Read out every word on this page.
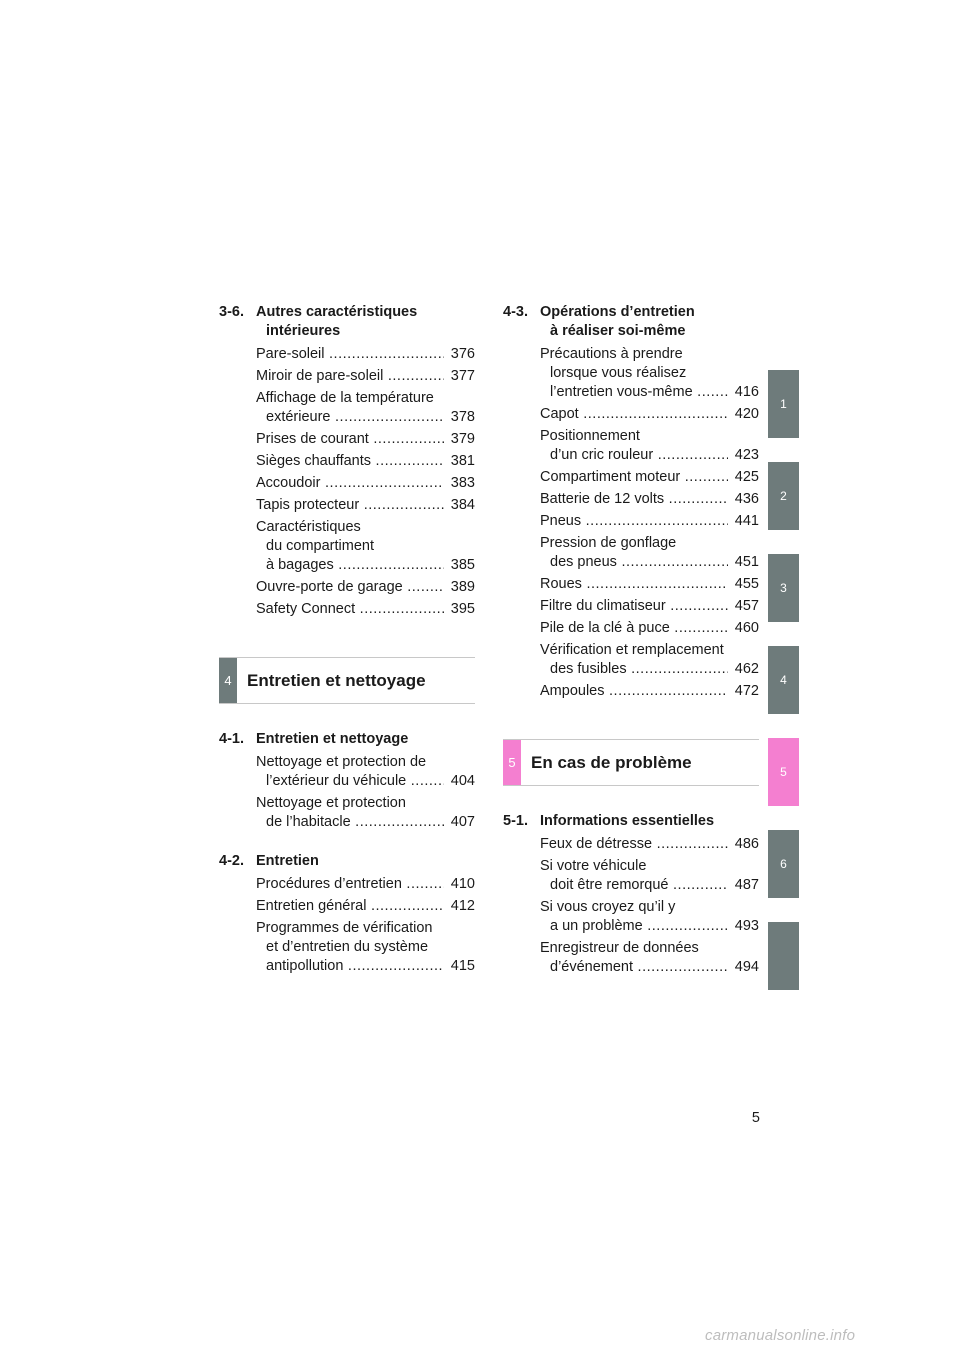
3-6. Autres caractéristiques
intérieures
Pare-soleil .....	376
Miroir de pare-soleil .....	377
Affichage de la température
extérieure .....	378
Prises de courant .....	379
Sièges chauffants .....	381
Accoudoir .....	383
Tapis protecteur .....	384
Caractéristiques
du compartiment
à bagages .....	385
Ouvre-porte de garage .....	389
Safety Connect .....	395
4 Entretien et nettoyage
4-1. Entretien et nettoyage
Nettoyage et protection de
l’extérieur du véhicule .....	404
Nettoyage et protection
de l’habitacle .....	407
4-2. Entretien
Procédures d’entretien .....	410
Entretien général .....	412
Programmes de vérification
et d’entretien du système
antipollution .....	415
4-3. Opérations d’entretien
à réaliser soi-même
Précautions à prendre
lorsque vous réalisez
l’entretien vous-même .....	416
Capot .....	420
Positionnement
d’un cric rouleur .....	423
Compartiment moteur .....	425
Batterie de 12 volts .....	436
Pneus .....	441
Pression de gonflage
des pneus .....	451
Roues .....	455
Filtre du climatiseur .....	457
Pile de la clé à puce .....	460
Vérification et remplacement
des fusibles .....	462
Ampoules .....	472
5 En cas de problème
5-1. Informations essentielles
Feux de détresse .....	486
Si votre véhicule
doit être remorqué .....	487
Si vous croyez qu’il y
a un problème .....	493
Enregistreur de données
d’événement .....	494
1
2
3
4
5
6
5
carmanualsonline.info
